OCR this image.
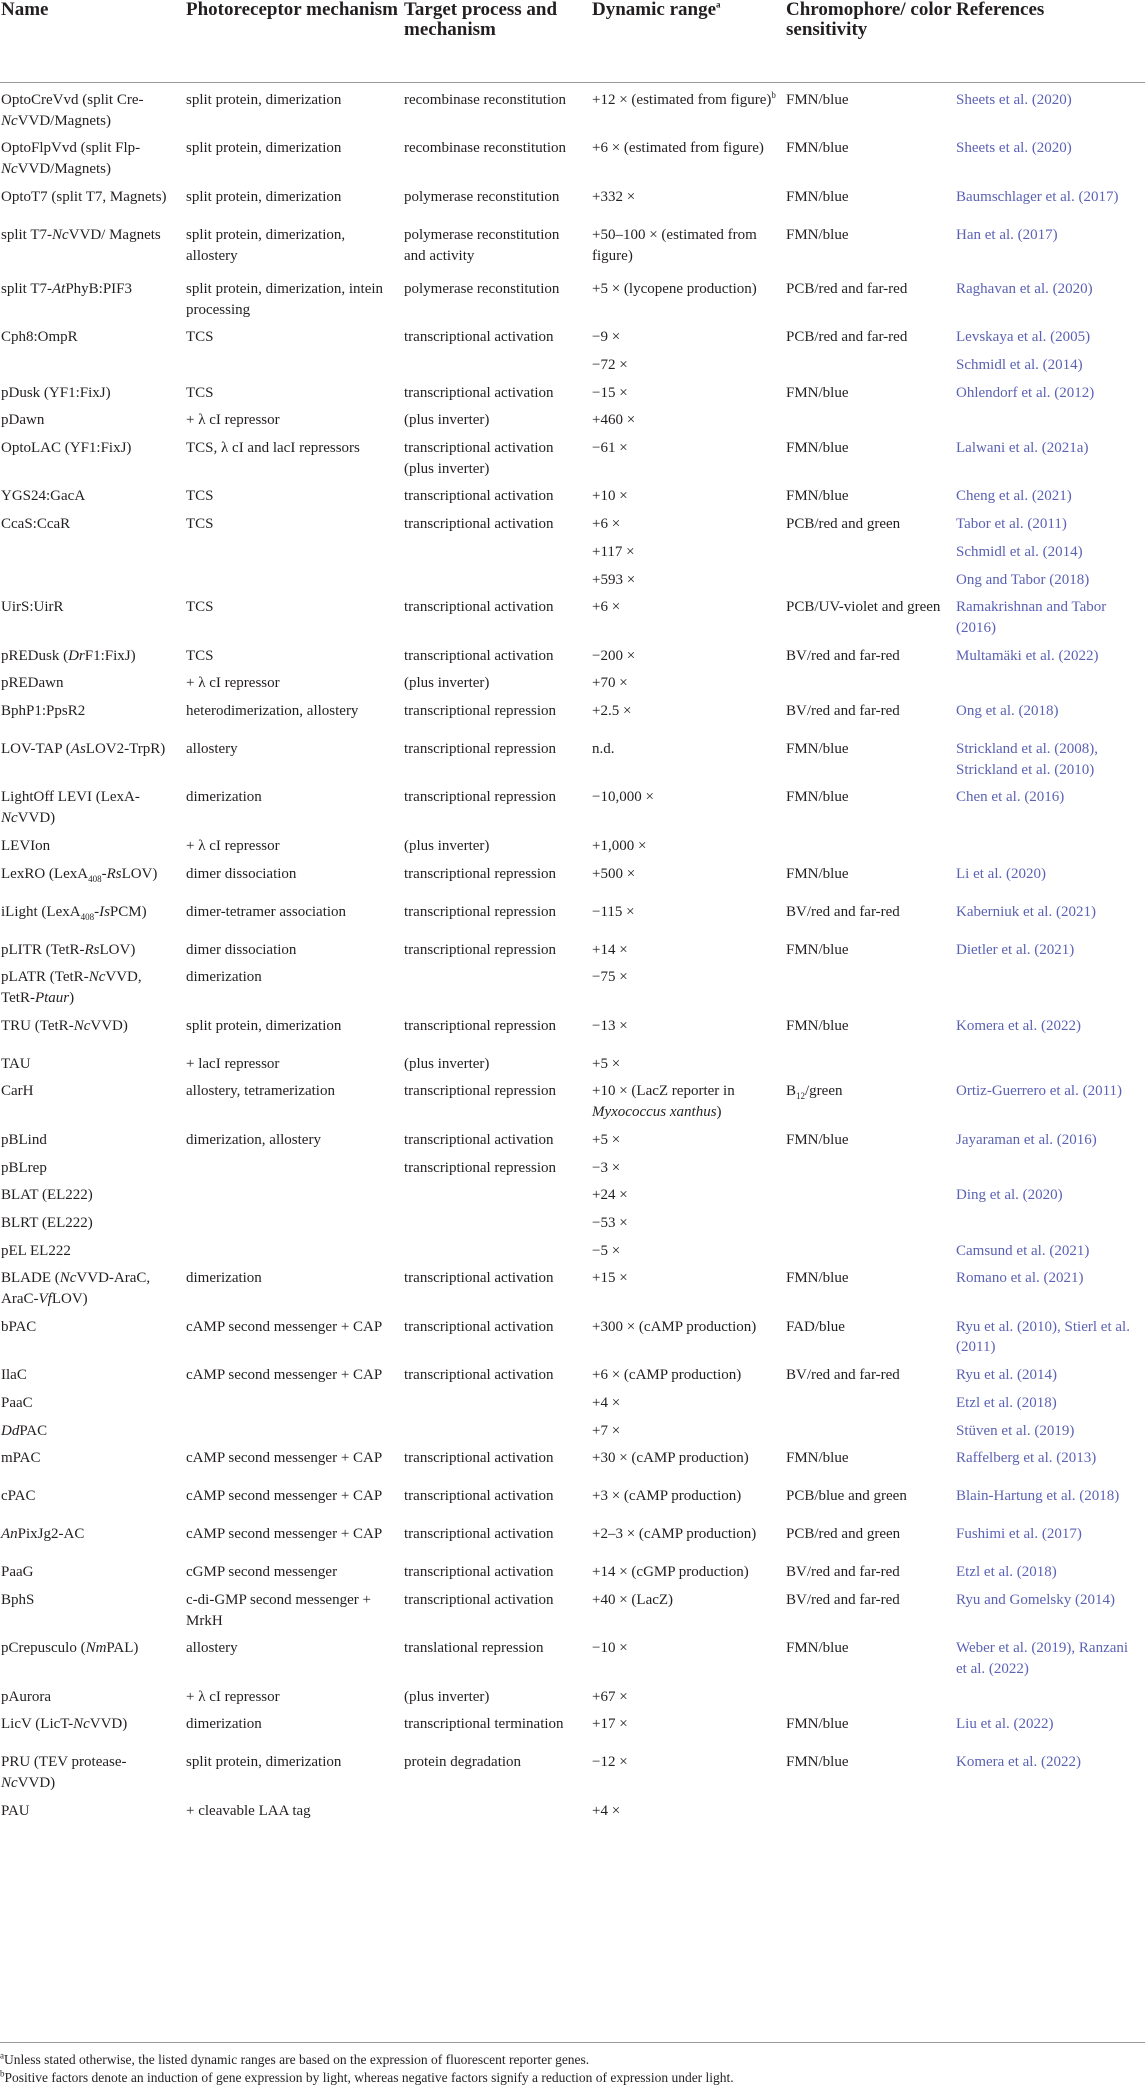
Name	Photoreceptor mechanism	Target process and mechanism	Dynamic range$^a$	Chromophore/ color sensitivity	References
OptoCreVvd (split Cre-NcVVD/Magnets)	split protein, dimerization	recombinase reconstitution	+12 × (estimated from figure)$^b$	FMN/blue	Sheets et al. (2020)
OptoFlpVvd (split Flp-NcVVD/Magnets)	split protein, dimerization	recombinase reconstitution	+6 × (estimated from figure)	FMN/blue	Sheets et al. (2020)
OptoT7 (split T7, Magnets)	split protein, dimerization	polymerase reconstitution	+332 ×	FMN/blue	Baumschlager et al. (2017)
split T7-NcVVD/ Magnets	split protein, dimerization, allostery	polymerase reconstitution and activity	+50–100 × (estimated from figure)	FMN/blue	Han et al. (2017)
split T7-AtPhyB:PIF3	split protein, dimerization, intein processing	polymerase reconstitution	+5 × (lycopene production)	PCB/red and far-red	Raghavan et al. (2020)
Cph8:OmpR	TCS	transcriptional activation	−9 ×	PCB/red and far-red	Levskaya et al. (2005)
			−72 ×		Schmidl et al. (2014)
pDusk (YF1:FixJ)	TCS	transcriptional activation	−15 ×	FMN/blue	Ohlendorf et al. (2012)
pDawn	+ λ cI repressor	(plus inverter)	+460 ×		
OptoLAC (YF1:FixJ)	TCS, λ cI and lacI repressors	transcriptional activation (plus inverter)	−61 ×	FMN/blue	Lalwani et al. (2021a)
YGS24:GacA	TCS	transcriptional activation	+10 ×	FMN/blue	Cheng et al. (2021)
CcaS:CcaR	TCS	transcriptional activation	+6 ×	PCB/red and green	Tabor et al. (2011)
			+117 ×		Schmidl et al. (2014)
			+593 ×		Ong and Tabor (2018)
UirS:UirR	TCS	transcriptional activation	+6 ×	PCB/UV-violet and green	Ramakrishnan and Tabor (2016)
pREDusk (DrF1:FixJ)	TCS	transcriptional activation	−200 ×	BV/red and far-red	Multamäki et al. (2022)
pREDawn	+ λ cI repressor	(plus inverter)	+70 ×		
BphP1:PpsR2	heterodimerization, allostery	transcriptional repression	+2.5 ×	BV/red and far-red	Ong et al. (2018)
LOV-TAP (AsLOV2-TrpR)	allostery	transcriptional repression	n.d.	FMN/blue	Strickland et al. (2008), Strickland et al. (2010)
LightOff LEVI (LexA-NcVVD)	dimerization	transcriptional repression	−10,000 ×	FMN/blue	Chen et al. (2016)
LEVIon	+ λ cI repressor	(plus inverter)	+1,000 ×		
LexRO (LexA$_{408}$-RsLOV)	dimer dissociation	transcriptional repression	+500 ×	FMN/blue	Li et al. (2020)
iLight (LexA$_{408}$-IsPCM)	dimer-tetramer association	transcriptional repression	−115 ×	BV/red and far-red	Kaberniuk et al. (2021)
pLITR (TetR-RsLOV)	dimer dissociation	transcriptional repression	+14 ×	FMN/blue	Dietler et al. (2021)
pLATR (TetR-NcVVD, TetR-Ptaur)	dimerization		−75 ×		
TRU (TetR-NcVVD)	split protein, dimerization	transcriptional repression	−13 ×	FMN/blue	Komera et al. (2022)
TAU	+ lacI repressor	(plus inverter)	+5 ×		
CarH	allostery, tetramerization	transcriptional repression	+10 × (LacZ reporter in Myxococcus xanthus)	$B_{12}$/green	Ortiz-Guerrero et al. (2011)
pBLind	dimerization, allostery	transcriptional activation	+5 ×	FMN/blue	Jayaraman et al. (2016)
pBLrep		transcriptional repression	−3 ×		
BLAT (EL222)			+24 ×		Ding et al. (2020)
BLRT (EL222)			−53 ×		
pEL EL222			−5 ×		Camsund et al. (2021)
BLADE (NcVVD-AraC, AraC-VfLOV)	dimerization	transcriptional activation	+15 ×	FMN/blue	Romano et al. (2021)
bPAC	cAMP second messenger + CAP	transcriptional activation	+300 × (cAMP production)	FAD/blue	Ryu et al. (2010), Stierl et al. (2011)
IlaC	cAMP second messenger + CAP	transcriptional activation	+6 × (cAMP production)	BV/red and far-red	Ryu et al. (2014)
PaaC			+4 ×		Etzl et al. (2018)
DdPAC			+7 ×		Stüven et al. (2019)
mPAC	cAMP second messenger + CAP	transcriptional activation	+30 × (cAMP production)	FMN/blue	Raffelberg et al. (2013)
cPAC	cAMP second messenger + CAP	transcriptional activation	+3 × (cAMP production)	PCB/blue and green	Blain-Hartung et al. (2018)
AnPixJg2-AC	cAMP second messenger + CAP	transcriptional activation	+2–3 × (cAMP production)	PCB/red and green	Fushimi et al. (2017)
PaaG	cGMP second messenger	transcriptional activation	+14 × (cGMP production)	BV/red and far-red	Etzl et al. (2018)
BphS	c-di-GMP second messenger + MrkH	transcriptional activation	+40 × (LacZ)	BV/red and far-red	Ryu and Gomelsky (2014)
pCrepusculo (NmPAL)	allostery	translational repression	−10 ×	FMN/blue	Weber et al. (2019), Ranzani et al. (2022)
pAurora	+ λ cI repressor	(plus inverter)	+67 ×		
LicV (LicT-NcVVD)	dimerization	transcriptional termination	+17 ×	FMN/blue	Liu et al. (2022)
PRU (TEV protease-NcVVD)	split protein, dimerization	protein degradation	−12 ×	FMN/blue	Komera et al. (2022)
PAU	+ cleavable LAA tag		+4 ×		
$^a$Unless stated otherwise, the listed dynamic ranges are based on the expression of fluorescent reporter genes.
$^b$Positive factors denote an induction of gene expression by light, whereas negative factors signify a reduction of expression under light.
